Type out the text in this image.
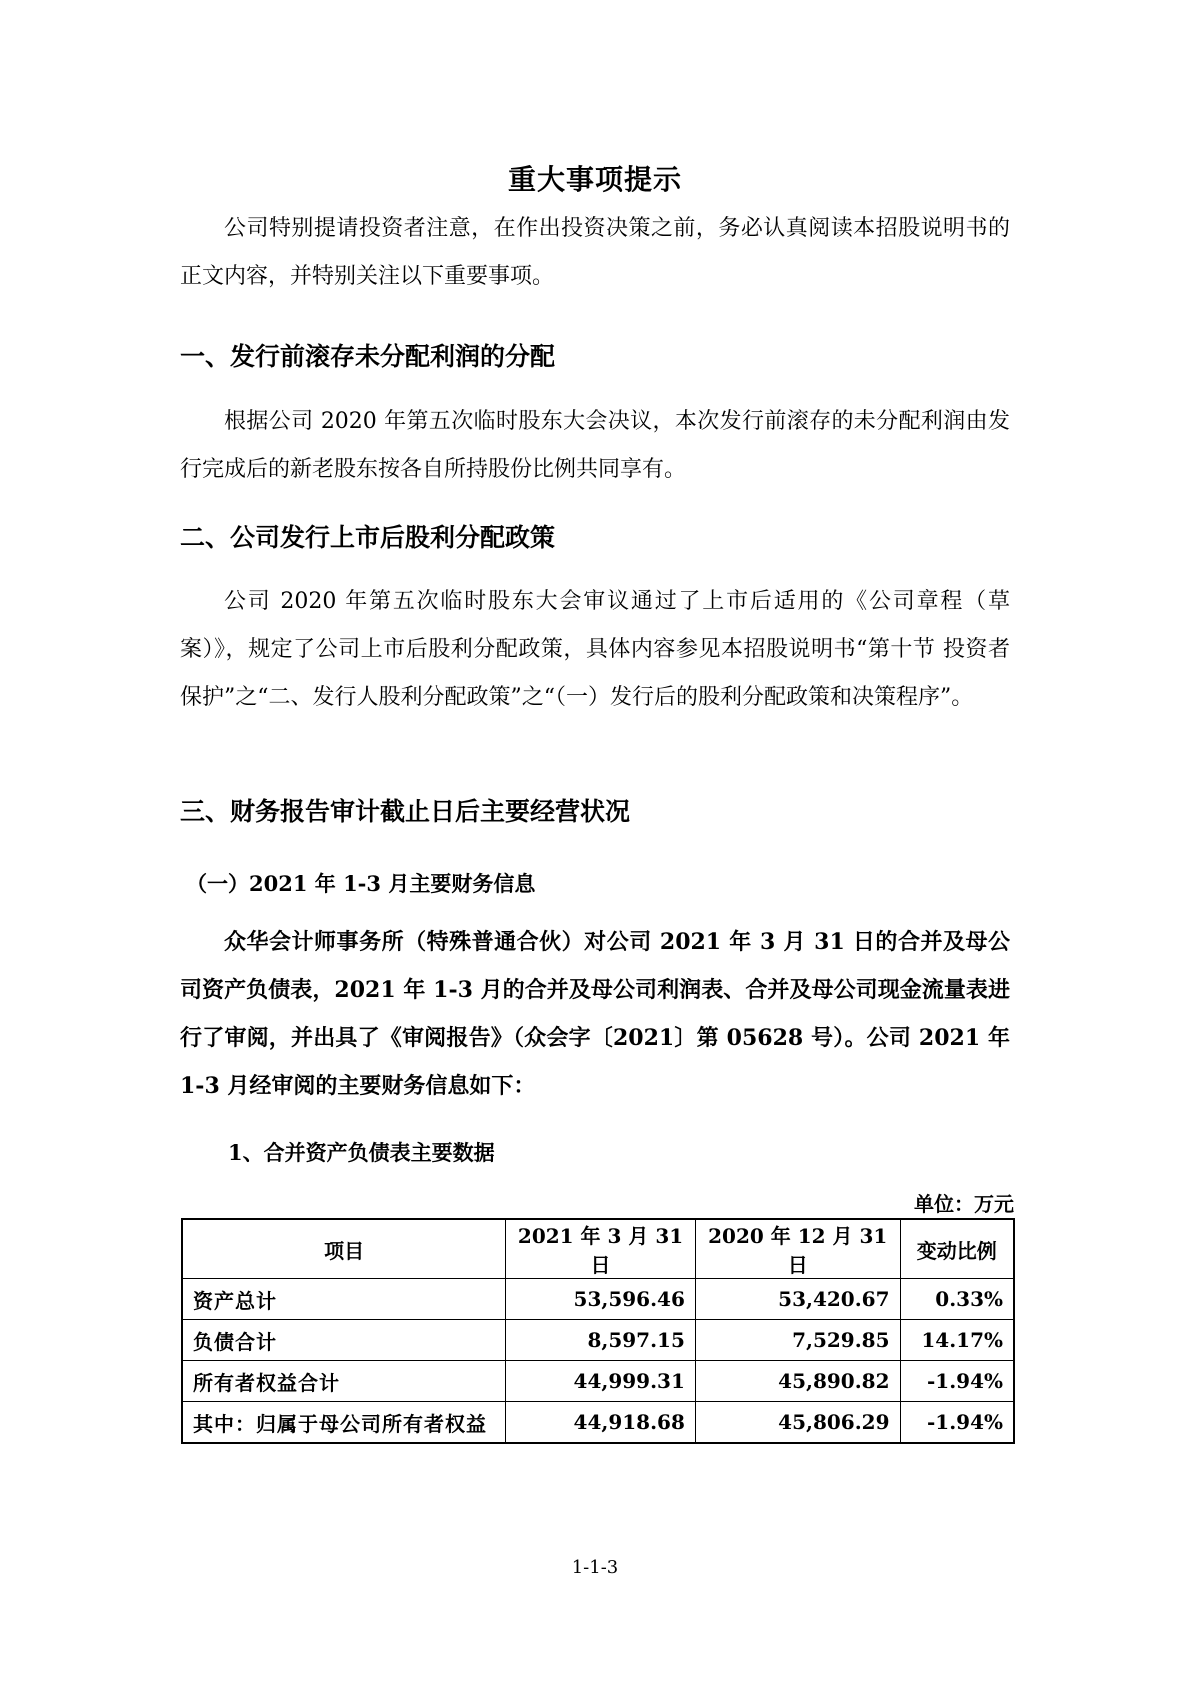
重大事项提示

公司特别提请投资者注意，在作出投资决策之前，务必认真阅读本招股说明书的正文内容，并特别关注以下重要事项。

一、发行前滚存未分配利润的分配

根据公司 2020 年第五次临时股东大会决议，本次发行前滚存的未分配利润由发行完成后的新老股东按各自所持股份比例共同享有。

二、公司发行上市后股利分配政策

公司 2020 年第五次临时股东大会审议通过了上市后适用的《公司章程（草案）》，规定了公司上市后股利分配政策，具体内容参见本招股说明书“第十节 投资者保护”之“二、发行人股利分配政策”之“（一）发行后的股利分配政策和决策程序”。

三、财务报告审计截止日后主要经营状况
（一）2021 年 1-3 月主要财务信息

众华会计师事务所（特殊普通合伙）对公司 2021 年 3 月 31 日的合并及母公司资产负债表，2021 年 1-3 月的合并及母公司利润表、合并及母公司现金流量表进行了审阅，并出具了《审阅报告》（众会字〔2021〕第 05628 号）。公司 2021 年 1-3 月经审阅的主要财务信息如下：

1、合并资产负债表主要数据
单位：万元
项目	2021 年 3 月 31 日	2020 年 12 月 31 日	变动比例
资产总计	53,596.46	53,420.67	0.33%
负债合计	8,597.15	7,529.85	14.17%
所有者权益合计	44,999.31	45,890.82	-1.94%
其中：归属于母公司所有者权益	44,918.68	45,806.29	-1.94%
1-1-3
